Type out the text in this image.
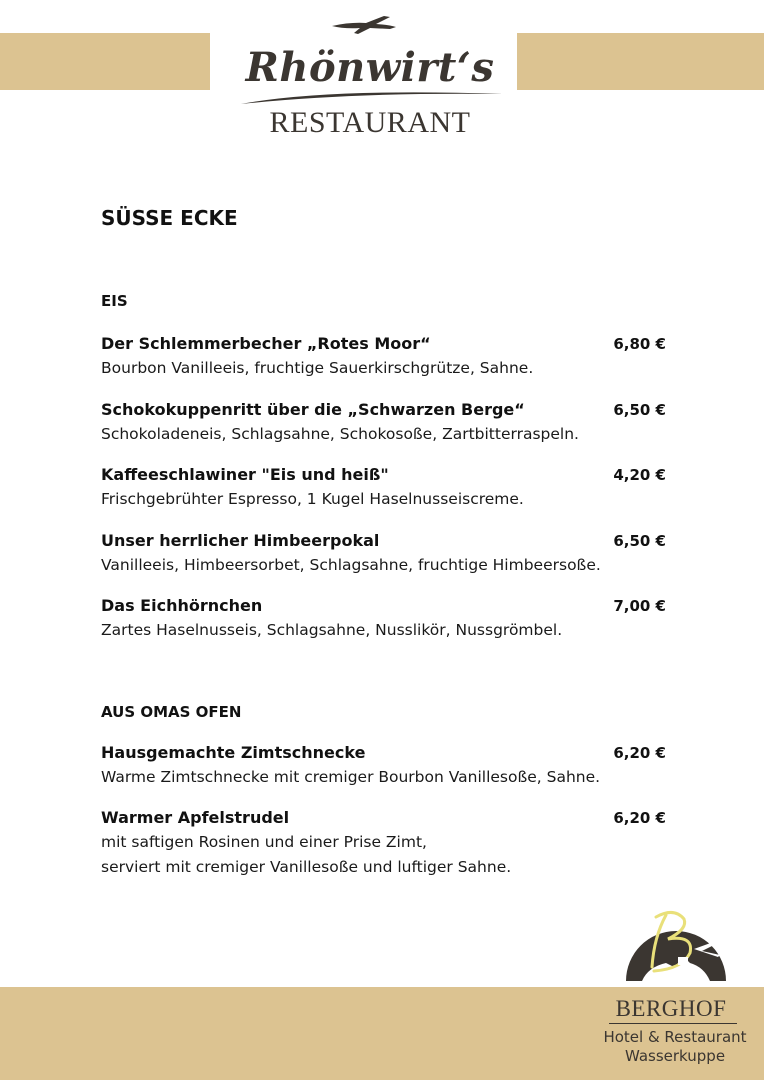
Rhönwirt‘s
RESTAURANT
SÜSSE ECKE
EIS
Der Schlemmerbecher „Rotes Moor“	6,80 €
Bourbon Vanilleeis, fruchtige Sauerkirschgrütze, Sahne.
Schokokuppenritt über die „Schwarzen Berge“	6,50 €
Schokoladeneis, Schlagsahne, Schokosoße, Zartbitterraspeln.
Kaffeeschlawiner "Eis und heiß"	4,20 €
Frischgebrühter Espresso, 1 Kugel Haselnusseiscreme.
Unser herrlicher Himbeerpokal	6,50 €
Vanilleeis, Himbeersorbet, Schlagsahne, fruchtige Himbeersoße.
Das Eichhörnchen	7,00 €
Zartes Haselnusseis, Schlagsahne, Nusslikör, Nussgrömbel.
AUS OMAS OFEN
Hausgemachte Zimtschnecke	6,20 €
Warme Zimtschnecke mit cremiger Bourbon Vanillesoße, Sahne.
Warmer Apfelstrudel	6,20 €
mit saftigen Rosinen und einer Prise Zimt,
serviert mit cremiger Vanillesoße und luftiger Sahne.
BERGHOF
Hotel & Restaurant
Wasserkuppe
